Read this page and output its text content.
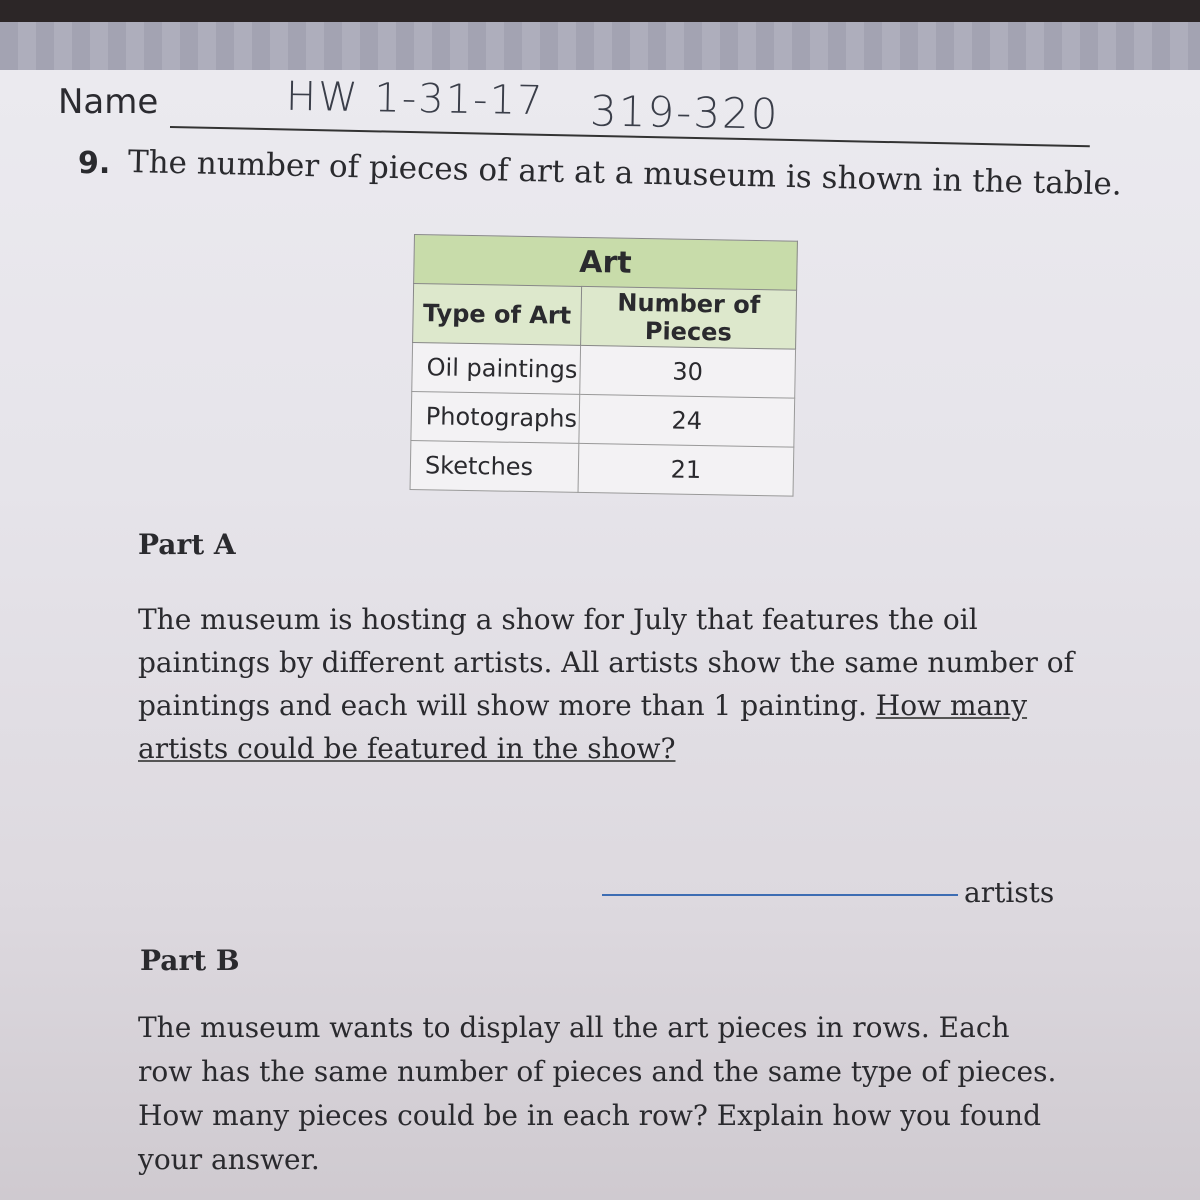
Name	HW 1-31-17 319-320
9. The number of pieces of art at a museum is shown in the table.
Art	
Type of Art	Number of Pieces
Oil paintings	30
Photographs	24
Sketches	21
Part A

The museum is hosting a show for July that features the oil

paintings by different artists. All artists show the same number of

paintings and each will show more than 1 painting. How many

artists could be featured in the show?

artists
Part B

The museum wants to display all the art pieces in rows. Each

row has the same number of pieces and the same type of pieces.

How many pieces could be in each row? Explain how you found

your answer.
